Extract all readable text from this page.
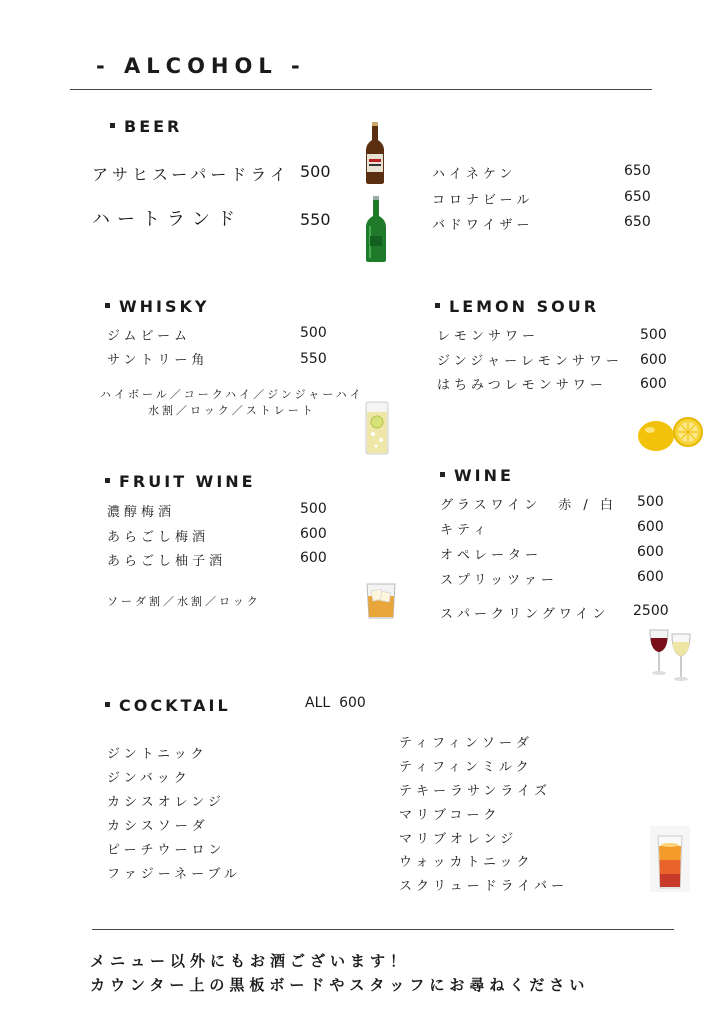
- ALCOHOL -
BEER
アサヒスーパードライ 500
ハートランド	550
ハイネケン	650
コロナビール	650
バドワイザー	650
WHISKY
ジムビーム	500
サントリー角	550
ハイボール／コークハイ／ジンジャーハイ
水割／ロック／ストレート
LEMON SOUR
レモンサワー	500
ジンジャーレモンサワー 600
はちみつレモンサワー 600
FRUIT WINE
濃醇梅酒	500
あらごし梅酒	600
あらごし柚子酒	600
ソーダ割／水割／ロック
WINE
グラスワイン　赤 / 白 500
キティ	600
オペレーター	600
スプリッツァー	600
スパークリングワイン 2500
COCKTAIL	ALL  600
ジントニック
ジンバック
カシスオレンジ
カシスソーダ
ピーチウーロン
ファジーネーブル
ティフィンソーダ
ティフィンミルク
テキーラサンライズ
マリブコーク
マリブオレンジ
ウォッカトニック
スクリュードライバー
メニュー以外にもお酒ございます！
カウンター上の黒板ボードやスタッフにお尋ねください
